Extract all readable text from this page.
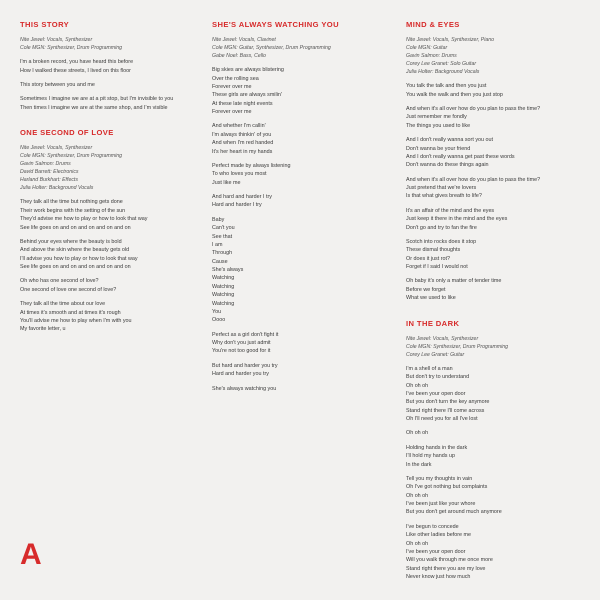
THIS STORY

Nite Jewel: Vocals, Synthesizer

Cole MGN: Synthesizer, Drum Programming

I'm a broken record, you have heard this before

How I walked these streets, I lived on this floor

This story between you and me

Sometimes I imagine we are at a pit stop, but I'm invisible to you

Then times I imagine we are at the same shop, and I'm visible

ONE SECOND OF LOVE

Nite Jewel: Vocals, Synthesizer

Cole MGN: Synthesizer, Drum Programming

Gavin Salmon: Drums

David Barrett: Electronics

Harland Burkhart: Effects

Julia Holter: Background Vocals

They talk all the time but nothing gets done

Their work begins with the setting of the sun

They'd advise me how to play or how to look that way

See life goes on and on and on and on and on

Behind your eyes where the beauty is bold

And above the skin where the beauty gets old

I'll advise you how to play or how to look that way

See life goes on and on and on and on and on

Oh who has one second of love?

One second of love one second of love?

They talk all the time about our love

At times it's smooth and at times it's rough

You'll advise me how to play when I'm with you

My favorite letter, u

SHE'S ALWAYS WATCHING YOU

Nite Jewel: Vocals, Clavinet

Cole MGN: Guitar, Synthesizer, Drum Programming

Gabe Noel: Bass, Cello

Big skies are always blistering

Over the rolling sea

Forever over me

These girls are always smilin'

At these late night events

Forever over me

And whether I'm callin'

I'm always thinkin' of you

And when I'm red handed

It's her heart in my hands

Perfect made by always listening

To who loves you most

Just like me

And hard and harder I try

Hard and harder I try

Baby

Can't you

See that

I am

Through

Cause

She's always

Watching

Watching

Watching

Watching

You

Oooo

Perfect as a girl don't fight it

Why don't you just admit

You're not too good for it

But hard and harder you try

Hard and harder you try

She's always watching you

MIND & EYES

Nite Jewel: Vocals, Synthesizer, Piano

Cole MGN: Guitar

Gavin Salmon: Drums

Corey Lee Granet: Solo Guitar

Julia Holter: Background Vocals

You talk the talk and then you just

You walk the walk and then you just stop

And when it's all over how do you plan to pass the time?

Just remember me fondly

The things you used to like

And I don't really wanna sort you out

Don't wanna be your friend

And I don't really wanna get past these words

Don't wanna do these things again

And when it's all over how do you plan to pass the time?

Just pretend that we're lovers

Is that what gives breath to life?

It's an affair of the mind and the eyes

Just keep it there in the mind and the eyes

Don't go and try to fan the fire

Scotch into rocks does it stop

These dismal thoughts

Or does it just rot?

Forget if I said I would not

Oh baby it's only a matter of tender time

Before we forget

What we used to like

IN THE DARK

Nite Jewel: Vocals, Synthesizer

Cole MGN: Synthesizer, Drum Programming

Corey Lee Granet: Guitar

I'm a shell of a man

But don't try to understand

Oh oh oh

I've been your open door

But you don't turn the key anymore

Stand right there I'll come across

Oh I'll need you for all I've lost

Oh oh oh

Holding hands in the dark

I'll hold my hands up

In the dark

Tell you my thoughts in vain

Oh I've got nothing but complaints

Oh oh oh

I've been just like your whore

But you don't get around much anymore

I've begun to concede

Like other ladies before me

Oh oh oh

I've been your open door

Will you walk through me once more

Stand right there you are my love

Never know just how much

A
